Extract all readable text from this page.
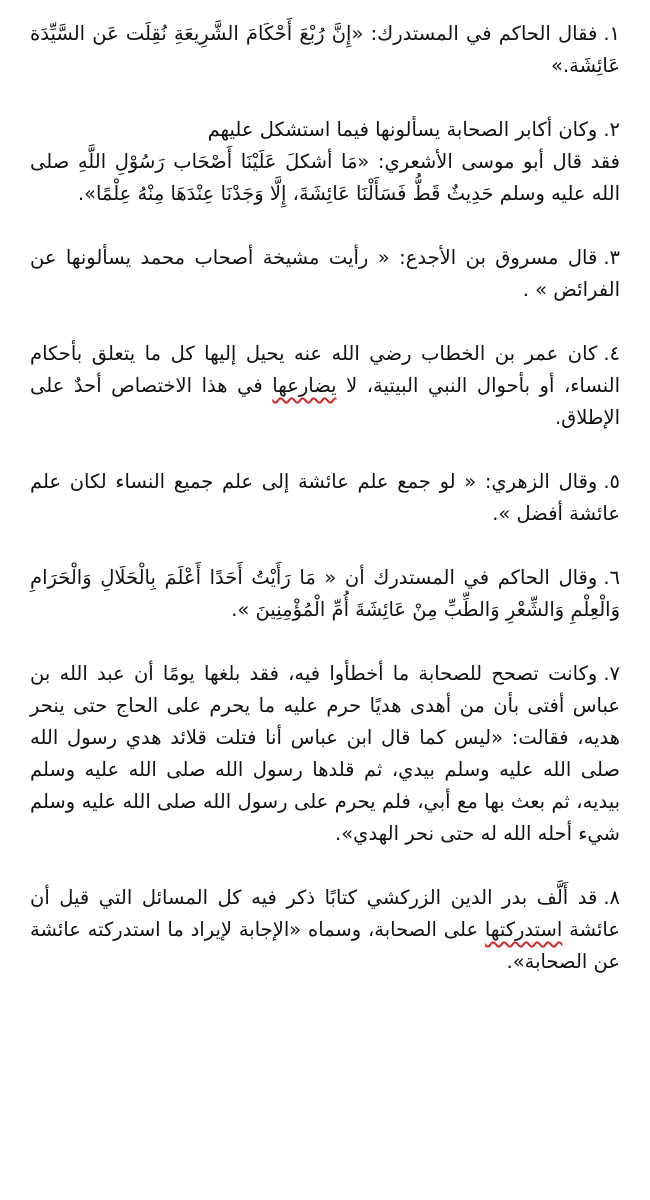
١.فقال الحاكم في المستدرك: «إِنَّ رُبْعَ أَحْكَامَ الشَّرِيعَةِ نُقِلَت عَن السَّيِّدَة عَائِشَة.»

٢.وكان أكابر الصحابة يسألونها فيما استشكل عليهم

فقد قال أبو موسى الأشعري: «مَا أشكلَ عَلَيْنَا أَصْحَاب رَسُوْلِ اللَّهِ صلى الله عليه وسلم حَدِيثٌ قَطُّ فَسَأَلْنَا عَائِشَةَ، إِلَّا وَجَدْنَا عِنْدَهَا مِنْهُ عِلْمًا».

٣.قال مسروق بن الأجدع: « رأيت مشيخة أصحاب محمد يسألونها عن الفرائض » .

٤.كان عمر بن الخطاب رضي الله عنه يحيل إليها كل ما يتعلق بأحكام النساء، أو بأحوال النبي البيتية، لا يضارعها في هذا الاختصاص أحدٌ على الإطلاق.

٥.وقال الزهري: « لو جمع علم عائشة إلى علم جميع النساء لكان علم عائشة أفضل ».

٦.وقال الحاكم في المستدرك أن « مَا رَأَيْتُ أَحَدًا أَعْلَمَ بِالْحَلَالِ وَالْحَرَامِ وَالْعِلْمِ وَالشِّعْرِ وَالطِّبِّ مِنْ عَائِشَةَ أُمِّ الْمُؤْمِنِينَ ».

٧.وكانت تصحح للصحابة ما أخطأوا فيه، فقد بلغها يومًا أن عبد الله بن عباس أفتى بأن من أهدى هديًا حرم عليه ما يحرم على الحاج حتى ينحر هديه، فقالت: «ليس كما قال ابن عباس أنا فتلت قلائد هدي رسول الله صلى الله عليه وسلم بيدي، ثم قلدها رسول الله صلى الله عليه وسلم بيديه، ثم بعث بها مع أبي، فلم يحرم على رسول الله صلى الله عليه وسلم شيء أحله الله له حتى نحر الهدي».

٨.قد أَلَّف بدر الدين الزركشي كتابًا ذكر فيه كل المسائل التي قيل أن عائشة استدركتها على الصحابة، وسماه «الإجابة لإيراد ما استدركته عائشة عن الصحابة».
